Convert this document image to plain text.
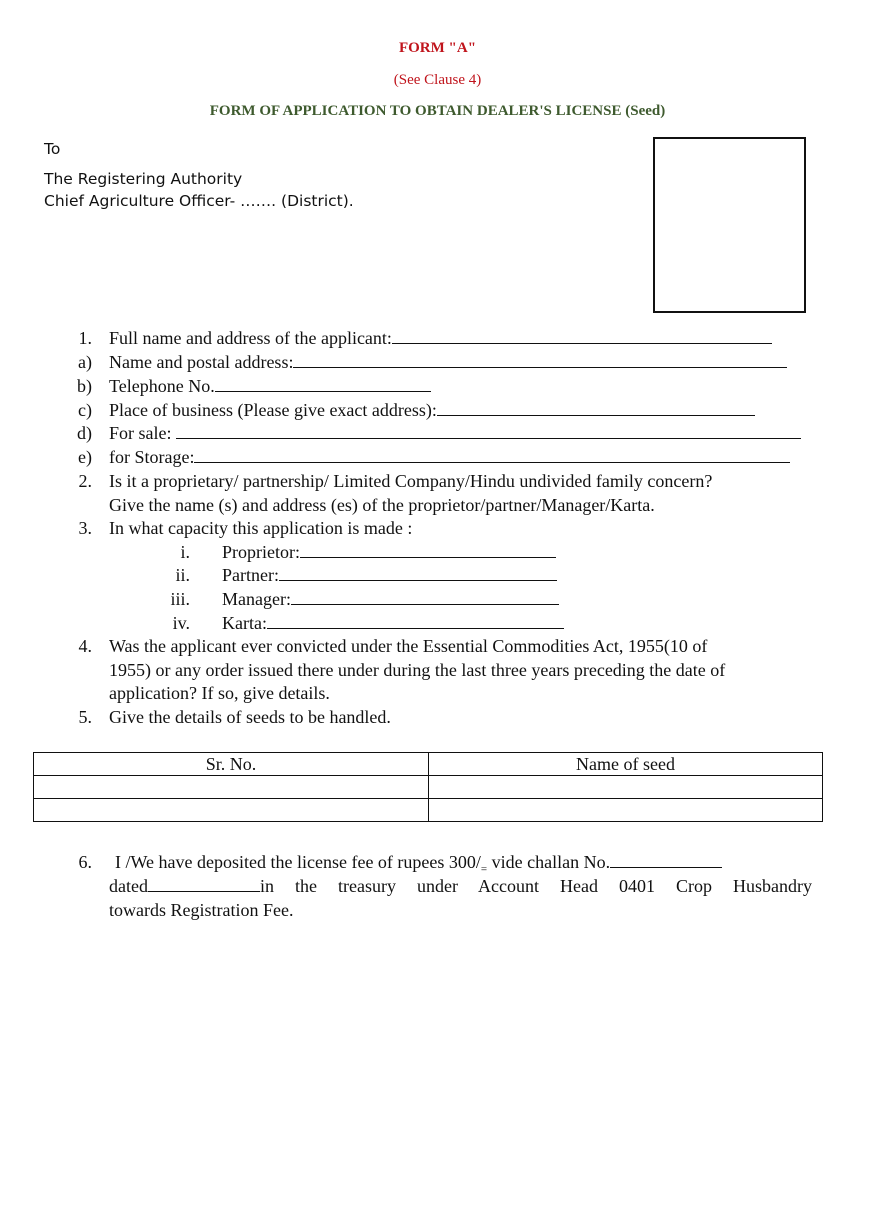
FORM "A"
(See Clause 4)
FORM OF APPLICATION TO OBTAIN DEALER'S LICENSE (Seed)
To
The Registering Authority
Chief Agriculture Officer- ……. (District).
1. Full name and address of the applicant:
a) Name and postal address:
b) Telephone No.
c) Place of business (Please give exact address):
d) For sale:
e) for Storage:
2. Is it a proprietary/ partnership/ Limited Company/Hindu undivided family concern?
Give the name (s) and address (es) of the proprietor/partner/Manager/Karta.
3. In what capacity this application is made :
i. Proprietor:
ii. Partner:
iii. Manager:
iv. Karta:
4. Was the applicant ever convicted under the Essential Commodities Act, 1955(10 of
1955) or any order issued there under during the last three years preceding the date of
application? If so, give details.
5. Give the details of seeds to be handled.
Sr. No.	Name of seed

6. I /We have deposited the license fee of rupees $300/_=$ vide challan No.
dated	in the treasury under Account Head 0401 Crop Husbandry
towards Registration Fee.
